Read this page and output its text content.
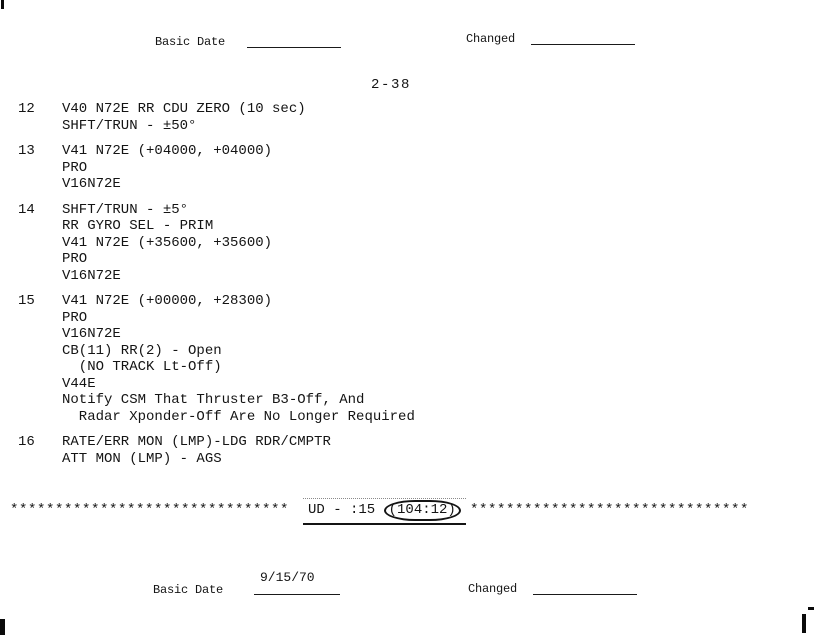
Basic Date	Changed
2-38
12	V40 N72E RR CDU ZERO (10 sec)
SHFT/TRUN - ±50°
13	V41 N72E (+04000, +04000)
PRO
V16N72E
14	SHFT/TRUN - ±5°
RR GYRO SEL - PRIM
V41 N72E (+35600, +35600)
PRO
V16N72E
15	V41 N72E (+00000, +28300)
PRO
V16N72E
CB(11) RR(2) - Open
(NO TRACK Lt-Off)
V44E
Notify CSM That Thruster B3-Off, And
Radar Xponder-Off Are No Longer Required
16	RATE/ERR MON (LMP)-LDG RDR/CMPTR
ATT MON (LMP) - AGS
*******************************	UD - :15 (104:12)	*******************************
9/15/70
Basic Date	Changed
